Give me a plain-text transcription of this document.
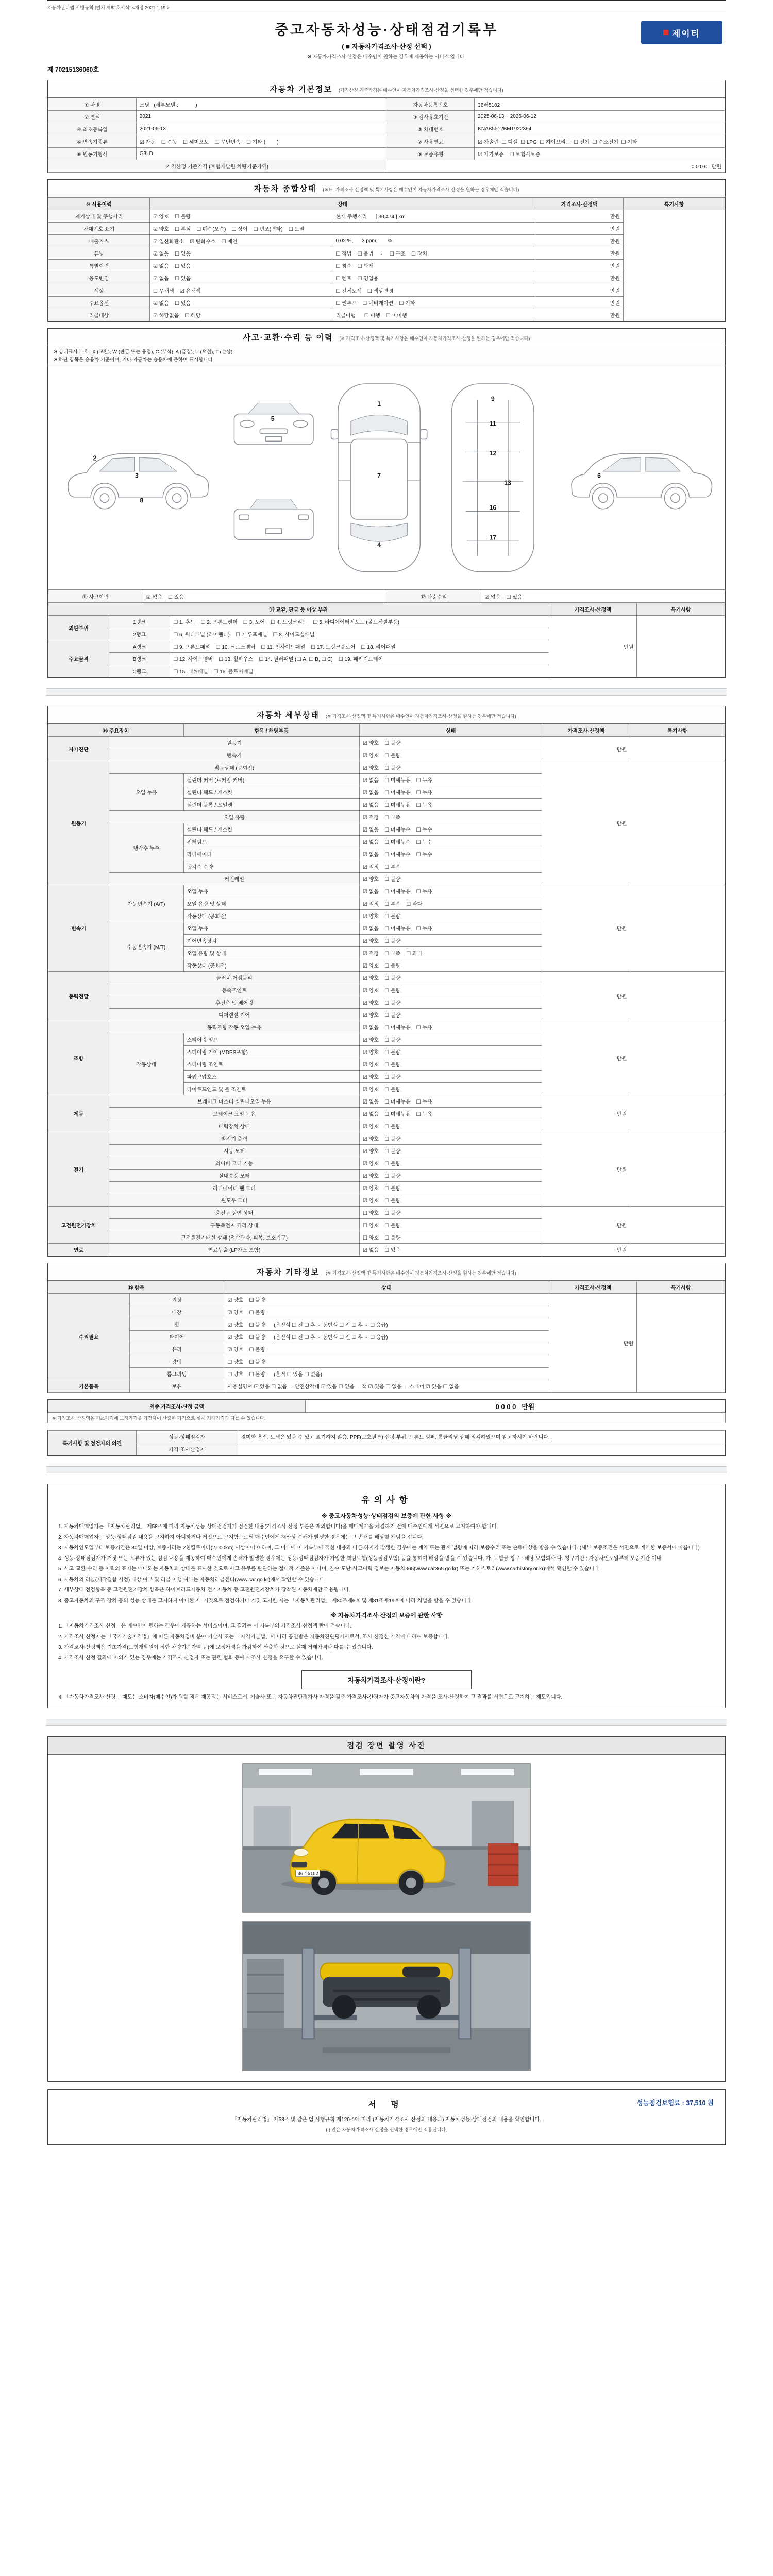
자동차관리법 시행규칙 [별지 제82호서식] <개정 2021.1.19.>
중고자동차성능·상태점검기록부
( ■ 자동차가격조사·산정 선택 )
※ 자동차가격조사·산정은 매수인이 원하는 경우에 제공하는 서비스 입니다.
제이티
제 70215136060호
자동차 기본정보 (가격산정 기준가격은 매수인이 자동차가격조사·산정을 선택한 경우에만 적습니다)
① 차명	모닝   (세부모델 :            )	자동차등록번호	36러5102
② 연식	2021	③ 검사유효기간	2025-06-13 ~ 2026-06-12
④ 최초등록일	2021-06-13	⑤ 차대번호	KNAB5512BMT922364
⑥ 변속기종류	☑ 자동    ☐ 수동    ☐ 세미오토    ☐ 무단변속    ☐ 기타 (        )	⑦ 사용연료	☑ 가솔린  ☐ 디젤  ☐ LPG  ☐ 하이브리드  ☐ 전기  ☐ 수소전기  ☐ 기타
⑧ 원동기형식	G3LD	⑨ 보증유형	☑ 자가보증    ☐ 보험사보증
가격산정 기준가격 (보험개발원 차량기준가액)		0 0 0 0   만원	
자동차 종합상태 (※표, 가격조사·산정액 및 특기사항은 매수인이 자동차가격조사·산정을 원하는 경우에만 적습니다)
⑩ 사용이력	상태		가격조사·산정액	특기사항
계기상태 및 주행거리	☑ 양호    ☐ 불량	현재 주행거리      [ 30,474 ] km	만원	
차대번호 표기	☑ 양호    ☐ 부식    ☐ 훼손(오손)    ☐ 상이    ☐ 변조(변타)    ☐ 도말		만원	
배출가스	☑ 일산화탄소    ☑ 탄화수소    ☐ 매연	0.02 %,      3 ppm,       %	만원	
튜닝	☑ 없음    ☐ 있음	☐ 적법    ☐ 불법     ·     ☐ 구조    ☐ 장치	만원	
특별이력	☑ 없음    ☐ 있음	☐ 침수    ☐ 화재	만원	
용도변경	☑ 없음    ☐ 있음	☐ 렌트    ☐ 영업용	만원	
색상	☐ 무채색    ☑ 유채색	☐ 전체도색    ☐ 색상변경	만원	
주요옵션	☑ 없음    ☐ 있음	☐ 썬루프    ☐ 네비게이션    ☐ 기타	만원	
리콜대상	☑ 해당없음    ☐ 해당	리콜이행      ☐ 이행    ☐ 미이행	만원	
사고·교환·수리 등 이력 (※ 가격조사·산정액 및 특기사항은 매수인이 자동차가격조사·산정을 원하는 경우에만 적습니다)
※ 상태표시 부호 : X (교환), W (판금 또는 용접), C (부식), A (흠집), U (요철), T (손상)
※ 하단 항목은 승용차 기준이며, 기타 자동차는 승용차에 준하여 표시합니다.
1
2
3
4
5
6
7
8
9
11
12
13
16
17
⑪ 사고이력	☑ 없음    ☐ 있음	⑫ 단순수리	☑ 없음    ☐ 있음
⑬ 교환, 판금 등 이상 부위			가격조사·산정액	특기사항
외판부위	1랭크	☐ 1. 후드    ☐ 2. 프론트펜더    ☐ 3. 도어    ☐ 4. 트렁크리드    ☐ 5. 라디에이터서포트 (볼트체결부품)	만원	
	2랭크	☐ 6. 쿼터패널 (리어펜더)    ☐ 7. 루프패널    ☐ 8. 사이드실패널		
주요골격	A랭크	☐ 9. 프론트패널    ☐ 10. 크로스멤버    ☐ 11. 인사이드패널    ☐ 17. 트렁크플로어    ☐ 18. 리어패널		
	B랭크	☐ 12. 사이드멤버    ☐ 13. 휠하우스    ☐ 14. 필러패널 (☐ A, ☐ B, ☐ C)    ☐ 19. 패키지트레이		
	C랭크	☐ 15. 대쉬패널    ☐ 16. 플로어패널		
자동차 세부상태 (※ 가격조사·산정액 및 특기사항은 매수인이 자동차가격조사·산정을 원하는 경우에만 적습니다)
⑭ 주요장치		항목 / 해당부품	상태	가격조사·산정액	특기사항
자가진단	원동기		☑ 양호    ☐ 불량	만원	
	변속기		☑ 양호    ☐ 불량		
원동기	작동상태 (공회전)		☑ 양호    ☐ 불량	만원	
	오일 누유	실린더 커버 (로커암 커버)	☑ 없음    ☐ 미세누유    ☐ 누유		
		실린더 헤드 / 개스킷	☑ 없음    ☐ 미세누유    ☐ 누유		
		실린더 블록 / 오일팬	☑ 없음    ☐ 미세누유    ☐ 누유		
	오일 유량		☑ 적정    ☐ 부족		
	냉각수 누수	실린더 헤드 / 개스킷	☑ 없음    ☐ 미세누수    ☐ 누수		
		워터펌프	☑ 없음    ☐ 미세누수    ☐ 누수		
		라디에이터	☑ 없음    ☐ 미세누수    ☐ 누수		
		냉각수 수량	☑ 적정    ☐ 부족		
	커먼레일		☑ 양호    ☐ 불량		
변속기	자동변속기 (A/T)	오일 누유	☑ 없음    ☐ 미세누유    ☐ 누유	만원	
		오일 유량 및 상태	☑ 적정    ☐ 부족    ☐ 과다		
		작동상태 (공회전)	☑ 양호    ☐ 불량		
	수동변속기 (M/T)	오일 누유	☑ 없음    ☐ 미세누유    ☐ 누유		
		기어변속장치	☑ 양호    ☐ 불량		
		오일 유량 및 상태	☑ 적정    ☐ 부족    ☐ 과다		
		작동상태 (공회전)	☑ 양호    ☐ 불량		
동력전달	클러치 어셈블리		☑ 양호    ☐ 불량	만원	
	등속조인트		☑ 양호    ☐ 불량		
	추진축 및 베어링		☑ 양호    ☐ 불량		
	디퍼렌셜 기어		☑ 양호    ☐ 불량		
조향	동력조향 작동 오일 누유		☑ 없음    ☐ 미세누유    ☐ 누유	만원	
	작동상태	스티어링 펌프	☑ 양호    ☐ 불량		
		스티어링 기어 (MDPS포함)	☑ 양호    ☐ 불량		
		스티어링 조인트	☑ 양호    ☐ 불량		
		파워고압호스	☑ 양호    ☐ 불량		
		타이로드엔드 및 볼 조인트	☑ 양호    ☐ 불량		
제동	브레이크 마스터 실린더오일 누유		☑ 없음    ☐ 미세누유    ☐ 누유	만원	
	브레이크 오일 누유		☑ 없음    ☐ 미세누유    ☐ 누유		
	배력장치 상태		☑ 양호    ☐ 불량		
전기	발전기 출력		☑ 양호    ☐ 불량	만원	
	시동 모터		☑ 양호    ☐ 불량		
	와이퍼 모터 기능		☑ 양호    ☐ 불량		
	실내송풍 모터		☑ 양호    ☐ 불량		
	라디에이터 팬 모터		☑ 양호    ☐ 불량		
	윈도우 모터		☑ 양호    ☐ 불량		
고전원전기장치	충전구 절연 상태		☐ 양호    ☐ 불량	만원	
	구동축전지 격리 상태		☐ 양호    ☐ 불량		
	고전원전기배선 상태 (접속단자, 피복, 보호기구)		☐ 양호    ☐ 불량		
연료	연료누출 (LP가스 포함)		☑ 없음    ☐ 있음	만원	
자동차 기타정보 (※ 가격조사·산정액 및 특기사항은 매수인이 자동차가격조사·산정을 원하는 경우에만 적습니다)
⑮ 항목		상태	가격조사·산정액	특기사항
수리필요	외장	☑ 양호    ☐ 불량	만원	
	내장	☑ 양호    ☐ 불량		
	휠	☑ 양호    ☐ 불량      (운전석 ☐ 전 ☐ 후  ·  동반석 ☐ 전 ☐ 후  ·  ☐ 응급)		
	타이어	☑ 양호    ☐ 불량      (운전석 ☐ 전 ☐ 후  ·  동반석 ☐ 전 ☐ 후  ·  ☐ 응급)		
	유리	☑ 양호    ☐ 불량		
	광택	☐ 양호    ☐ 불량		
	룸크리닝	☐ 양호    ☐ 불량      (흔적 ☐ 있음 ☐ 없음)		
기본품목	보유	사용설명서 ☑ 있음 ☐ 없음  ·  안전삼각대 ☑ 있음 ☐ 없음  ·  잭 ☑ 있음 ☐ 없음  ·  스패너 ☑ 있음 ☐ 없음		
최종 가격조사·산정 금액	0 0 0 0   만원
※ 가격조사·산정액은 기초가격에 보정가격을 가감하여 산출한 가격으로 실제 거래가격과 다를 수 있습니다.
특기사항 및 점검자의 의견	성능·상태점검자	경미한 흠집, 도색은 있을 수 있고 표기하지 않음. PPF(보호필름) 랩핑 부위, 프론트 범퍼, 룸클리닝 상태 점검하였으며 참고하시기 바랍니다.
	가격·조사산정자	
유의사항
※ 중고자동차성능·상태점검의 보증에 관한 사항 ※
1. 자동차매매업자는 「자동차관리법」 제58조에 따라 자동차성능·상태점검자가 점검한 내용(가격조사·산정 부분은 제외합니다)을 매매계약을 체결하기 전에 매수인에게 서면으로 고지하여야 합니다.
2. 자동차매매업자는 성능·상태점검 내용을 고지하지 아니하거나 거짓으로 고지함으로써 매수인에게 재산상 손해가 발생한 경우에는 그 손해를 배상할 책임을 집니다.
3. 자동차인도일부터 보증기간은 30일 이상, 보증거리는 2천킬로미터(2,000km) 이상이어야 하며, 그 이내에 이 기록부에 적힌 내용과 다른 하자가 발생한 경우에는 계약 또는 관계 법령에 따라 보증수리 또는 손해배상을 받을 수 있습니다. (세부 보증조건은 서면으로 계약한 보증서에 따릅니다)
4. 성능·상태점검자가 거짓 또는 오류가 있는 점검 내용을 제공하여 매수인에게 손해가 발생한 경우에는 성능·상태점검자가 가입한 책임보험(성능점검보험) 등을 통하여 배상을 받을 수 있습니다. 가. 보험금 청구 : 해당 보험회사 나. 청구기간 : 자동차인도일부터 보증기간 이내
5. 사고·교환·수리 등 이력의 표기는 매매되는 자동차의 상태를 표시한 것으로 사고 유무를 판단하는 절대적 기준은 아니며, 침수·도난·사고이력 정보는 자동차365(www.car365.go.kr) 또는 카히스토리(www.carhistory.or.kr)에서 확인할 수 있습니다.
6. 자동차의 리콜(제작결함 시정) 대상 여부 및 리콜 이행 여부는 자동차리콜센터(www.car.go.kr)에서 확인할 수 있습니다.
7. 세부상태 점검항목 중 고전원전기장치 항목은 하이브리드자동차·전기자동차 등 고전원전기장치가 장착된 자동차에만 적용됩니다.
8. 중고자동차의 구조·장치 등의 성능·상태를 고지하지 아니한 자, 거짓으로 점검하거나 거짓 고지한 자는 「자동차관리법」 제80조제6호 및 제81조제19호에 따라 처벌을 받을 수 있습니다.
※ 자동차가격조사·산정의 보증에 관한 사항
1. 「자동차가격조사·산정」은 매수인이 원하는 경우에 제공하는 서비스이며, 그 결과는 이 기록부의 가격조사·산정액 란에 적습니다.
2. 가격조사·산정자는 「국가기술자격법」에 따른 자동차정비 분야 기술사 또는 「자격기본법」에 따라 공인받은 자동차진단평가사로서, 조사·산정한 가격에 대하여 보증합니다.
3. 가격조사·산정액은 기초가격(보험개발원이 정한 차량기준가액 등)에 보정가격을 가감하여 산출한 것으로 실제 거래가격과 다를 수 있습니다.
4. 가격조사·산정 결과에 이의가 있는 경우에는 가격조사·산정자 또는 관련 협회 등에 재조사·산정을 요구할 수 있습니다.
자동차가격조사·산정이란?
※ 「자동차가격조사·산정」 제도는 소비자(매수인)가 원할 경우 제공되는 서비스로서, 기술사 또는 자동차진단평가사 자격을 갖춘 가격조사·산정자가 중고자동차의 가격을 조사·산정하여 그 결과를 서면으로 고지하는 제도입니다.
점검 장면 촬영 사진
36러5102
서 명	성능점검보험료 : 37,510 원
「자동차관리법」 제58조 및 같은 법 시행규칙 제120조에 따라 (자동차가격조사·산정의 내용과) 자동차성능·상태점검의 내용을 확인합니다.
( ) 안은 자동차가격조사·산정을 선택한 경우에만 적용됩니다.
